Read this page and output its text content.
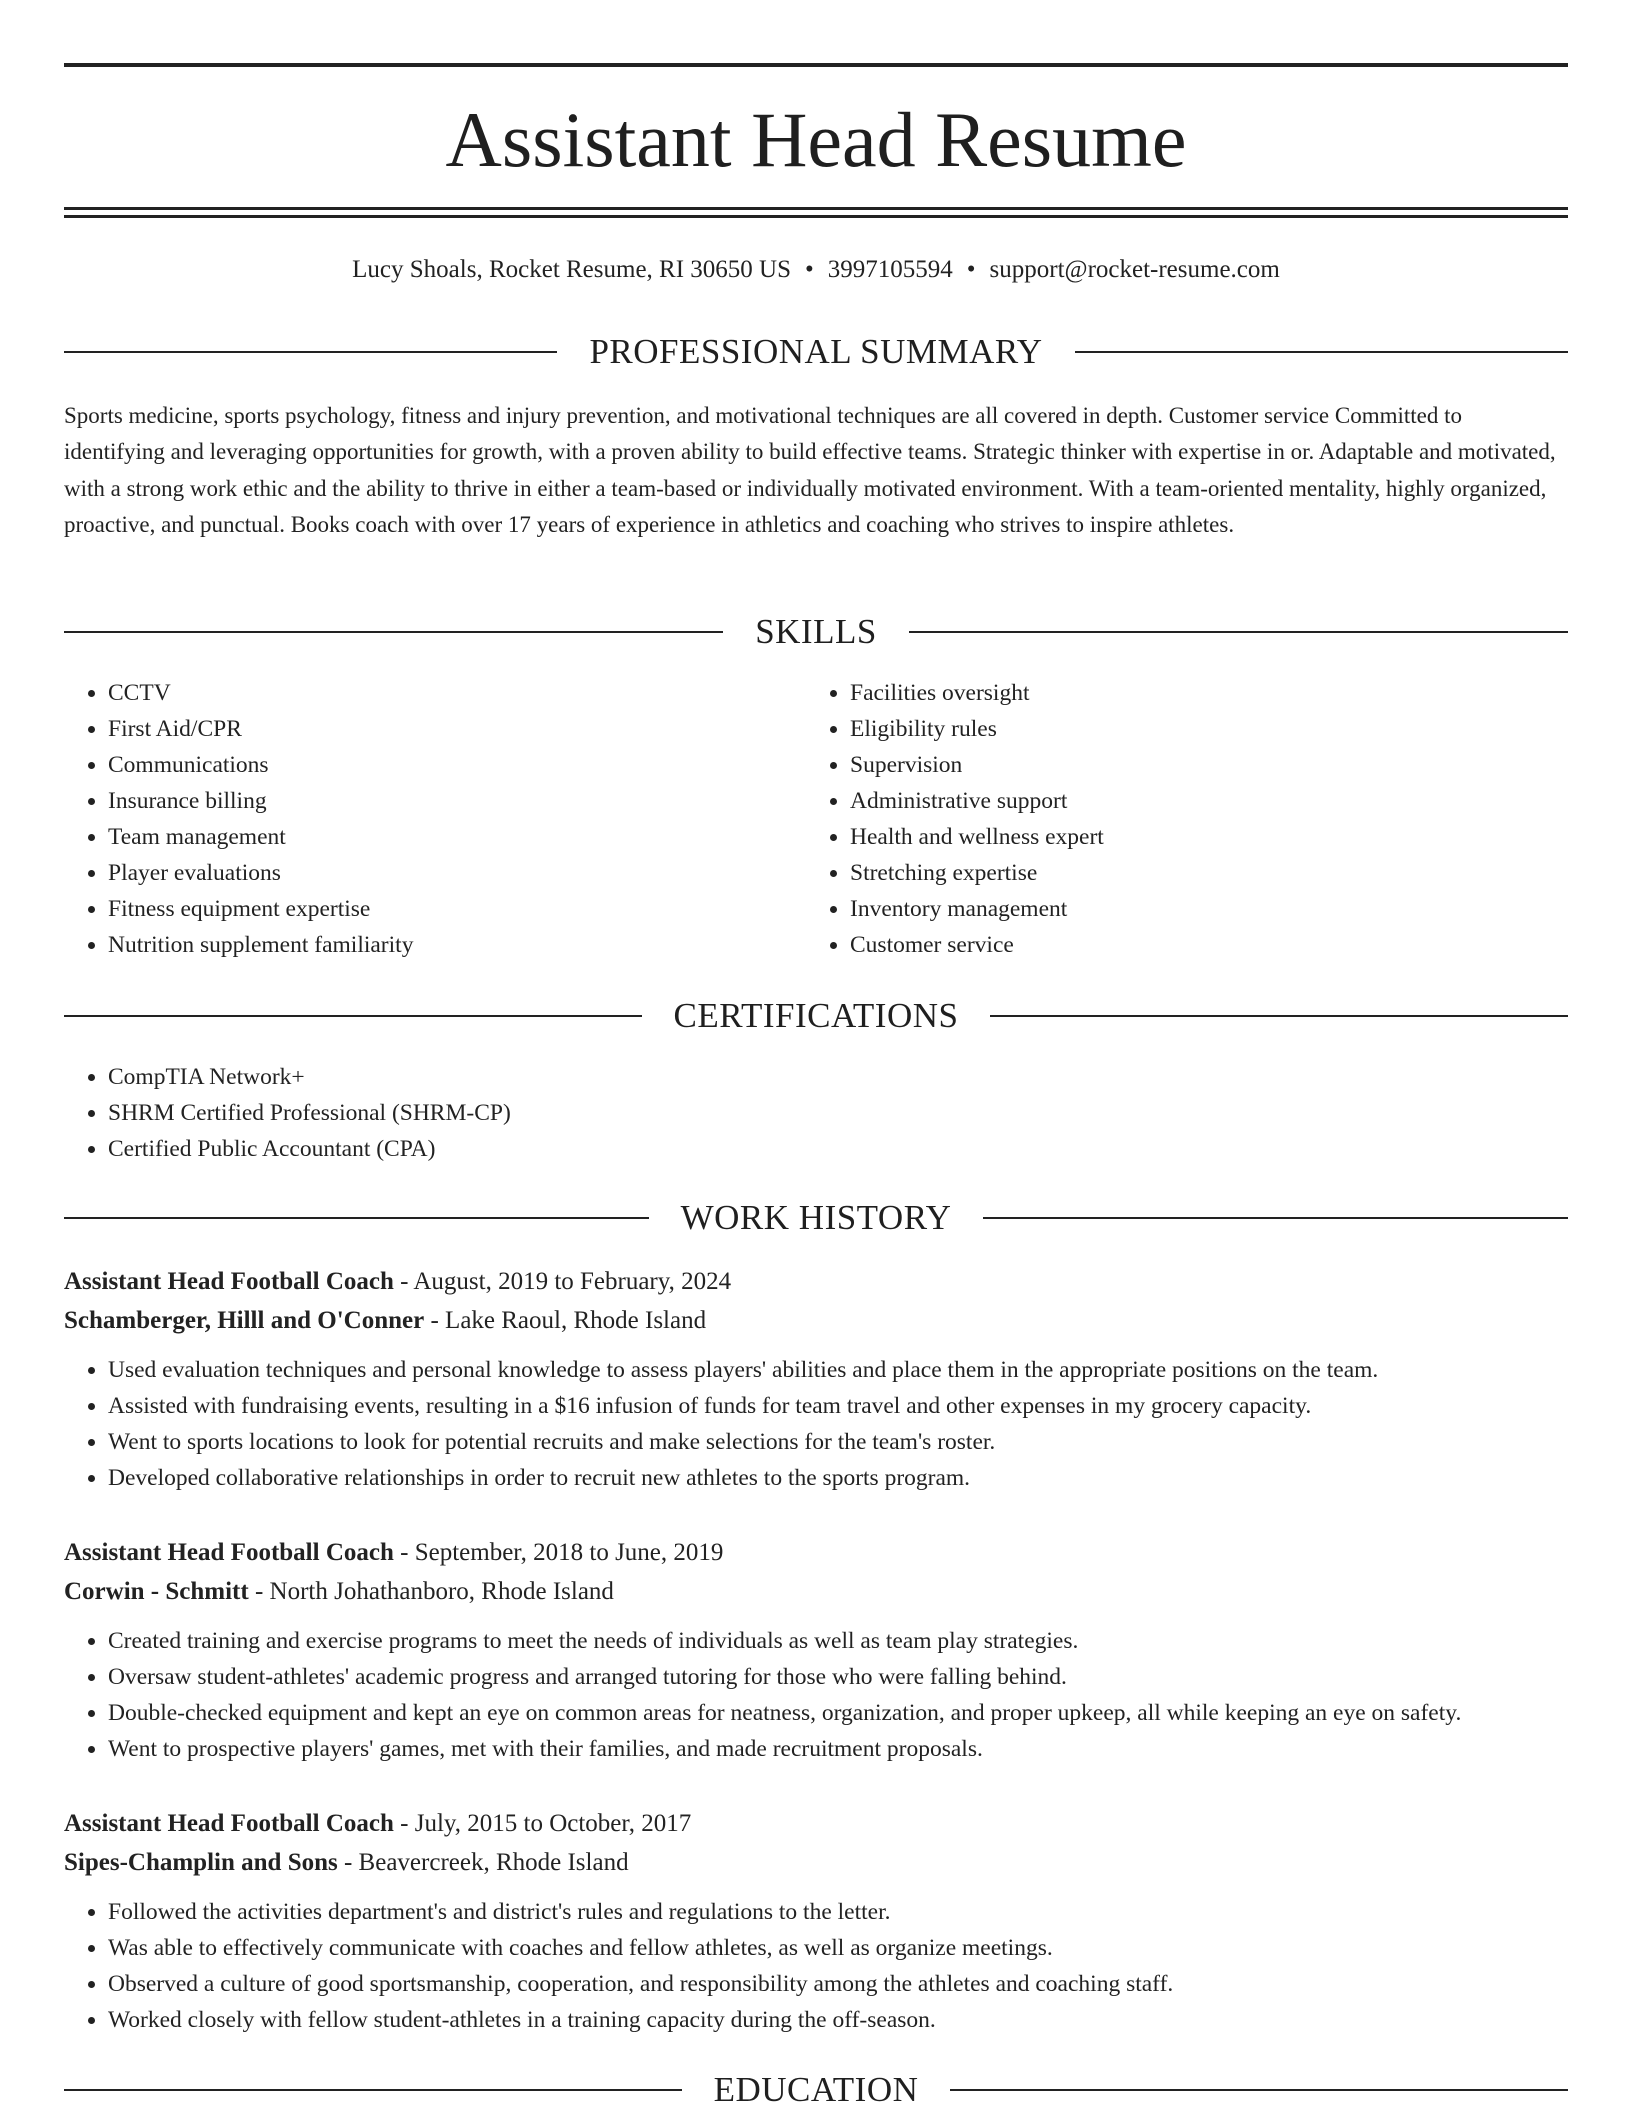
Assistant Head Resume
Lucy Shoals, Rocket Resume, RI 30650 US • 3997105594 • support@rocket-resume.com
PROFESSIONAL SUMMARY

Sports medicine, sports psychology, fitness and injury prevention, and motivational techniques are all covered in depth. Customer service Committed to identifying and leveraging opportunities for growth, with a proven ability to build effective teams. Strategic thinker with expertise in or. Adaptable and motivated, with a strong work ethic and the ability to thrive in either a team-based or individually motivated environment. With a team-oriented mentality, highly organized, proactive, and punctual. Books coach with over 17 years of experience in athletics and coaching who strives to inspire athletes.

SKILLS
• CCTV
• First Aid/CPR
• Communications
• Insurance billing
• Team management
• Player evaluations
• Fitness equipment expertise
• Nutrition supplement familiarity
• Facilities oversight
• Eligibility rules
• Supervision
• Administrative support
• Health and wellness expert
• Stretching expertise
• Inventory management
• Customer service
CERTIFICATIONS
• CompTIA Network+
• SHRM Certified Professional (SHRM-CP)
• Certified Public Accountant (CPA)
WORK HISTORY
Assistant Head Football Coach - August, 2019 to February, 2024
Schamberger, Hilll and O'Conner - Lake Raoul, Rhode Island
• Used evaluation techniques and personal knowledge to assess players' abilities and place them in the appropriate positions on the team.
• Assisted with fundraising events, resulting in a $16 infusion of funds for team travel and other expenses in my grocery capacity.
• Went to sports locations to look for potential recruits and make selections for the team's roster.
• Developed collaborative relationships in order to recruit new athletes to the sports program.
Assistant Head Football Coach - September, 2018 to June, 2019
Corwin - Schmitt - North Johathanboro, Rhode Island
• Created training and exercise programs to meet the needs of individuals as well as team play strategies.
• Oversaw student-athletes' academic progress and arranged tutoring for those who were falling behind.
• Double-checked equipment and kept an eye on common areas for neatness, organization, and proper upkeep, all while keeping an eye on safety.
• Went to prospective players' games, met with their families, and made recruitment proposals.
Assistant Head Football Coach - July, 2015 to October, 2017
Sipes-Champlin and Sons - Beavercreek, Rhode Island
• Followed the activities department's and district's rules and regulations to the letter.
• Was able to effectively communicate with coaches and fellow athletes, as well as organize meetings.
• Observed a culture of good sportsmanship, cooperation, and responsibility among the athletes and coaching staff.
• Worked closely with fellow student-athletes in a training capacity during the off-season.
EDUCATION
